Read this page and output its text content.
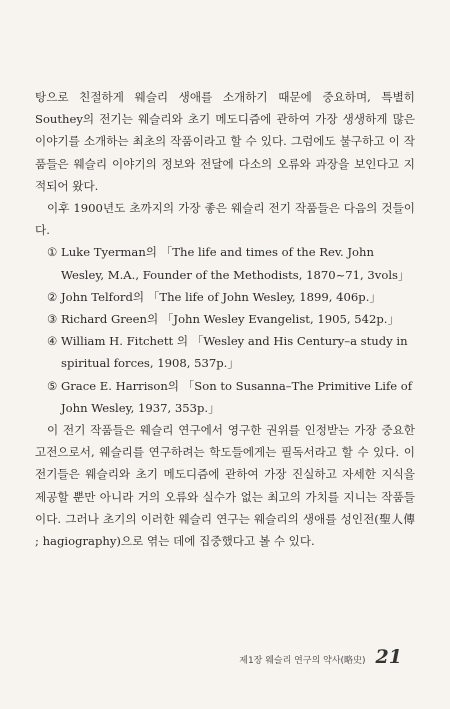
탕으로 친절하게 웨슬리 생애를 소개하기 때문에 중요하며, 특별히 Southey의 전기는 웨슬리와 초기 메도디즘에 관하여 가장 생생하게 많은 이야기를 소개하는 최초의 작품이라고 할 수 있다. 그럼에도 불구하고 이 작품들은 웨슬리 이야기의 정보와 전달에 다소의 오류와 과장을 보인다고 지적되어 왔다.

이후 1900년도 초까지의 가장 좋은 웨슬리 전기 작품들은 다음의 것들이다.

① Luke Tyerman의 「The life and times of the Rev. John
Wesley, M.A., Founder of the Methodists, 1870~71, 3vols」
② John Telford의 「The life of John Wesley, 1899, 406p.」
③ Richard Green의 「John Wesley Evangelist, 1905, 542p.」
④ William H. Fitchett 의 「Wesley and His Century–a study in
spiritual forces, 1908, 537p.」
⑤ Grace E. Harrison의 「Son to Susanna–The Primitive Life of
John Wesley, 1937, 353p.」

이 전기 작품들은 웨슬리 연구에서 영구한 권위를 인정받는 가장 중요한 고전으로서, 웨슬리를 연구하려는 학도들에게는 필독서라고 할 수 있다. 이 전기들은 웨슬리와 초기 메도디즘에 관하여 가장 진실하고 자세한 지식을 제공할 뿐만 아니라 거의 오류와 실수가 없는 최고의 가치를 지니는 작품들이다. 그러나 초기의 이러한 웨슬리 연구는 웨슬리의 생애를 성인전(聖人傳 ; hagiography)으로 엮는 데에 집중했다고 볼 수 있다.

제1장 웨슬리 연구의 약사(略史) 21
